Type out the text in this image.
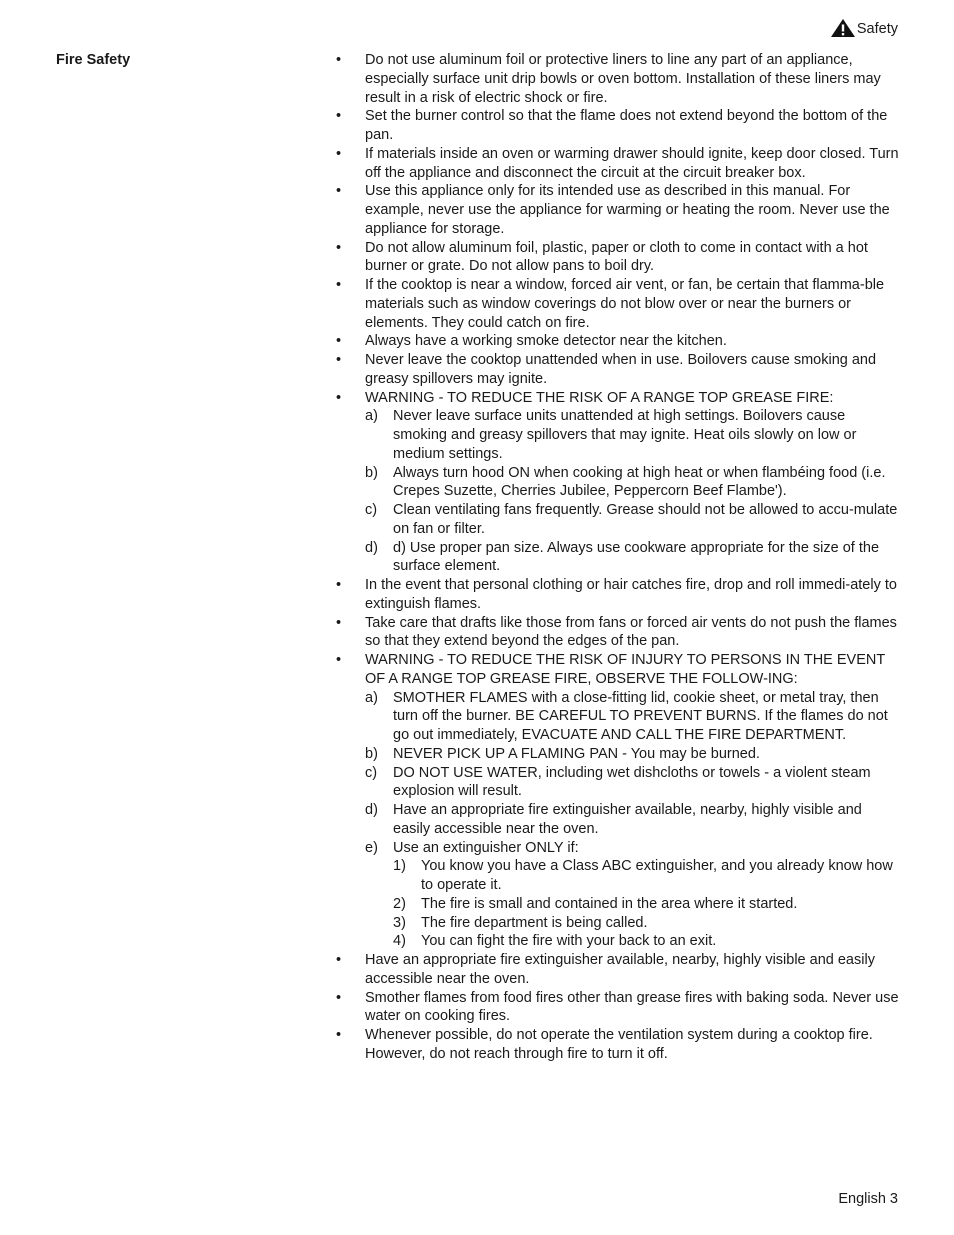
Safety
Fire Safety	• Do not use aluminum foil or protective liners to line any part of an appliance, especially surface unit drip bowls or oven bottom. Installation of these liners may result in a risk of electric shock or fire.
• Set the burner control so that the flame does not extend beyond the bottom of the pan.
• If materials inside an oven or warming drawer should ignite, keep door closed. Turn off the appliance and disconnect the circuit at the circuit breaker box.
• Use this appliance only for its intended use as described in this manual. For example, never use the appliance for warming or heating the room. Never use the appliance for storage.
• Do not allow aluminum foil, plastic, paper or cloth to come in contact with a hot burner or grate. Do not allow pans to boil dry.
• If the cooktop is near a window, forced air vent, or fan, be certain that flamma-ble materials such as window coverings do not blow over or near the burners or elements. They could catch on fire.
• Always have a working smoke detector near the kitchen.
• Never leave the cooktop unattended when in use. Boilovers cause smoking and greasy spillovers may ignite.
• WARNING - TO REDUCE THE RISK OF A RANGE TOP GREASE FIRE:
a) Never leave surface units unattended at high settings. Boilovers cause smoking and greasy spillovers that may ignite. Heat oils slowly on low or medium settings.
b) Always turn hood ON when cooking at high heat or when flambéing food (i.e. Crepes Suzette, Cherries Jubilee, Peppercorn Beef Flambe').
c) Clean ventilating fans frequently. Grease should not be allowed to accu-mulate on fan or filter.
d) d) Use proper pan size. Always use cookware appropriate for the size of the surface element.
• In the event that personal clothing or hair catches fire, drop and roll immedi-ately to extinguish flames.
• Take care that drafts like those from fans or forced air vents do not push the flames so that they extend beyond the edges of the pan.
• WARNING - TO REDUCE THE RISK OF INJURY TO PERSONS IN THE EVENT OF A RANGE TOP GREASE FIRE, OBSERVE THE FOLLOW-ING:
a) SMOTHER FLAMES with a close-fitting lid, cookie sheet, or metal tray, then turn off the burner. BE CAREFUL TO PREVENT BURNS. If the flames do not go out immediately, EVACUATE AND CALL THE FIRE DEPARTMENT.
b) NEVER PICK UP A FLAMING PAN - You may be burned.
c) DO NOT USE WATER, including wet dishcloths or towels - a violent steam explosion will result.
d) Have an appropriate fire extinguisher available, nearby, highly visible and easily accessible near the oven.
e) Use an extinguisher ONLY if:
1) You know you have a Class ABC extinguisher, and you already know how to operate it.
2) The fire is small and contained in the area where it started.
3) The fire department is being called.
4) You can fight the fire with your back to an exit.
• Have an appropriate fire extinguisher available, nearby, highly visible and easily accessible near the oven.
• Smother flames from food fires other than grease fires with baking soda. Never use water on cooking fires.
• Whenever possible, do not operate the ventilation system during a cooktop fire. However, do not reach through fire to turn it off.
English 3
